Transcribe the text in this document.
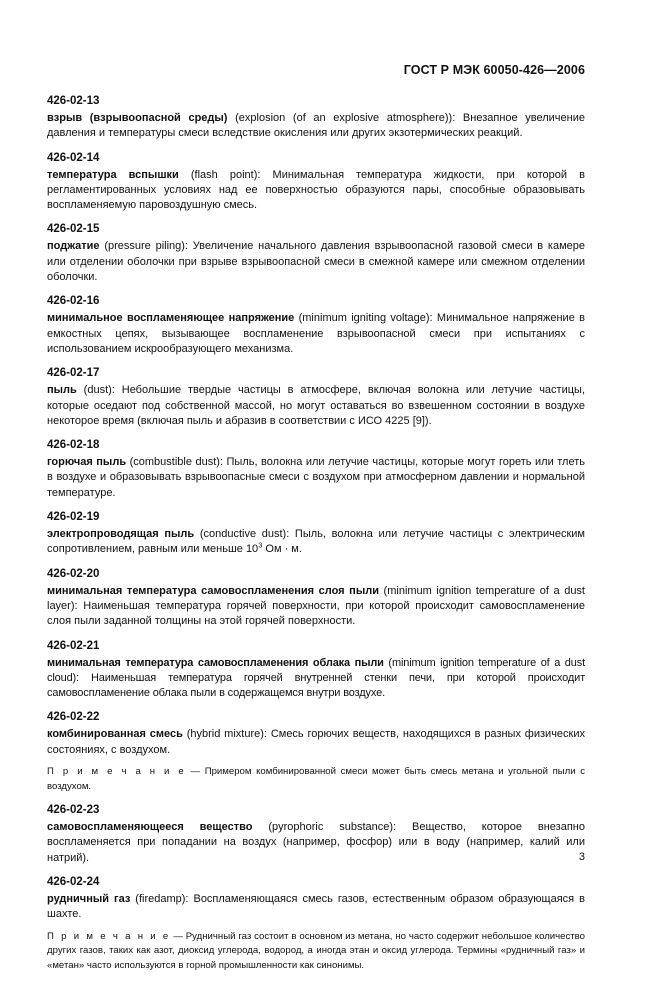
ГОСТ Р МЭК 60050-426—2006
426-02-13

взрыв (взрывоопасной среды) (explosion (of an explosive atmosphere)): Внезапное увеличение давления и температуры смеси вследствие окисления или других экзотермических реакций.

426-02-14

температура вспышки (flash point): Минимальная температура жидкости, при которой в регламентированных условиях над ее поверхностью образуются пары, способные образовывать воспламеняемую паровоздушную смесь.

426-02-15

поджатие (pressure piling): Увеличение начального давления взрывоопасной газовой смеси в камере или отделении оболочки при взрыве взрывоопасной смеси в смежной камере или смежном отделении оболочки.

426-02-16

минимальное воспламеняющее напряжение (minimum igniting voltage): Минимальное напряжение в емкостных цепях, вызывающее воспламенение взрывоопасной смеси при испытаниях с использованием искрообразующего механизма.

426-02-17

пыль (dust): Небольшие твердые частицы в атмосфере, включая волокна или летучие частицы, которые оседают под собственной массой, но могут оставаться во взвешенном состоянии в воздухе некоторое время (включая пыль и абразив в соответствии с ИСО 4225 [9]).

426-02-18

горючая пыль (combustible dust): Пыль, волокна или летучие частицы, которые могут гореть или тлеть в воздухе и образовывать взрывоопасные смеси с воздухом при атмосферном давлении и нормальной температуре.

426-02-19

электропроводящая пыль (conductive dust): Пыль, волокна или летучие частицы с электрическим сопротивлением, равным или меньше $10^3$ Ом · м.

426-02-20

минимальная температура самовоспламенения слоя пыли (minimum ignition temperature of a dust layer): Наименьшая температура горячей поверхности, при которой происходит самовоспламенение слоя пыли заданной толщины на этой горячей поверхности.

426-02-21

минимальная температура самовоспламенения облака пыли (minimum ignition temperature of a dust cloud): Наименьшая температура горячей внутренней стенки печи, при которой происходит самовоспламенение облака пыли в содержащемся внутри воздухе.

426-02-22

комбинированная смесь (hybrid mixture): Смесь горючих веществ, находящихся в разных физических состояниях, с воздухом.

П р и м е ч а н и е — Примером комбинированной смеси может быть смесь метана и угольной пыли с воздухом.

426-02-23

самовоспламеняющееся вещество (pyrophoric substance): Вещество, которое внезапно воспламеняется при попадании на воздух (например, фосфор) или в воду (например, калий или натрий).

426-02-24

рудничный газ (firedamp): Воспламеняющаяся смесь газов, естественным образом образующаяся в шахте.

П р и м е ч а н и е — Рудничный газ состоит в основном из метана, но часто содержит небольшое количество других газов, таких как азот, диоксид углерода, водород, а иногда этан и оксид углерода. Термины «рудничный газ» и «метан» часто используются в горной промышленности как синонимы.

3
